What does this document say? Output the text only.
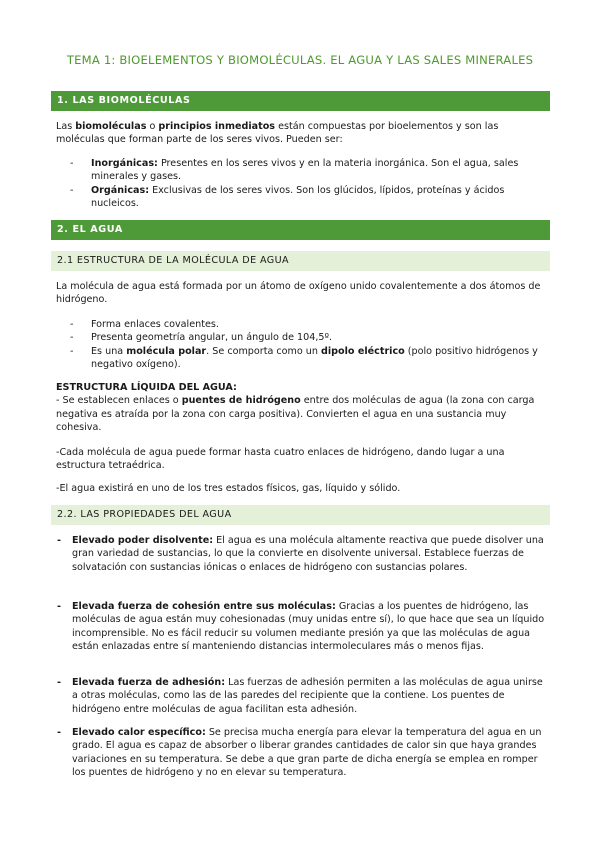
TEMA 1: BIOELEMENTOS Y BIOMOLÉCULAS. EL AGUA Y LAS SALES MINERALES
1. LAS BIOMOLÉCULAS

Las biomoléculas o principios inmediatos están compuestas por bioelementos y son las moléculas que forman parte de los seres vivos. Pueden ser:

- Inorgánicas: Presentes en los seres vivos y en la materia inorgánica. Son el agua, sales minerales y gases.
- Orgánicas: Exclusivas de los seres vivos. Son los glúcidos, lípidos, proteínas y ácidos nucleicos.
2. EL AGUA
2.1 ESTRUCTURA DE LA MOLÉCULA DE AGUA

La molécula de agua está formada por un átomo de oxígeno unido covalentemente a dos átomos de hidrógeno.

- Forma enlaces covalentes.
- Presenta geometría angular, un ángulo de 104,5º.
- Es una molécula polar. Se comporta como un dipolo eléctrico (polo positivo hidrógenos y negativo oxígeno).

ESTRUCTURA LÍQUIDA DEL AGUA:

- Se establecen enlaces o puentes de hidrógeno entre dos moléculas de agua (la zona con carga negativa es atraída por la zona con carga positiva). Convierten el agua en una sustancia muy cohesiva.

-Cada molécula de agua puede formar hasta cuatro enlaces de hidrógeno, dando lugar a una estructura tetraédrica.

-El agua existirá en uno de los tres estados físicos, gas, líquido y sólido.

2.2. LAS PROPIEDADES DEL AGUA
- Elevado poder disolvente: El agua es una molécula altamente reactiva que puede disolver una gran variedad de sustancias, lo que la convierte en disolvente universal. Establece fuerzas de solvatación con sustancias iónicas o enlaces de hidrógeno con sustancias polares.
- Elevada fuerza de cohesión entre sus moléculas: Gracias a los puentes de hidrógeno, las moléculas de agua están muy cohesionadas (muy unidas entre sí), lo que hace que sea un líquido incomprensible. No es fácil reducir su volumen mediante presión ya que las moléculas de agua están enlazadas entre sí manteniendo distancias intermoleculares más o menos fijas.
- Elevada fuerza de adhesión: Las fuerzas de adhesión permiten a las moléculas de agua unirse a otras moléculas, como las de las paredes del recipiente que la contiene. Los puentes de hidrógeno entre moléculas de agua facilitan esta adhesión.
- Elevado calor específico: Se precisa mucha energía para elevar la temperatura del agua en un grado. El agua es capaz de absorber o liberar grandes cantidades de calor sin que haya grandes variaciones en su temperatura. Se debe a que gran parte de dicha energía se emplea en romper los puentes de hidrógeno y no en elevar su temperatura.
